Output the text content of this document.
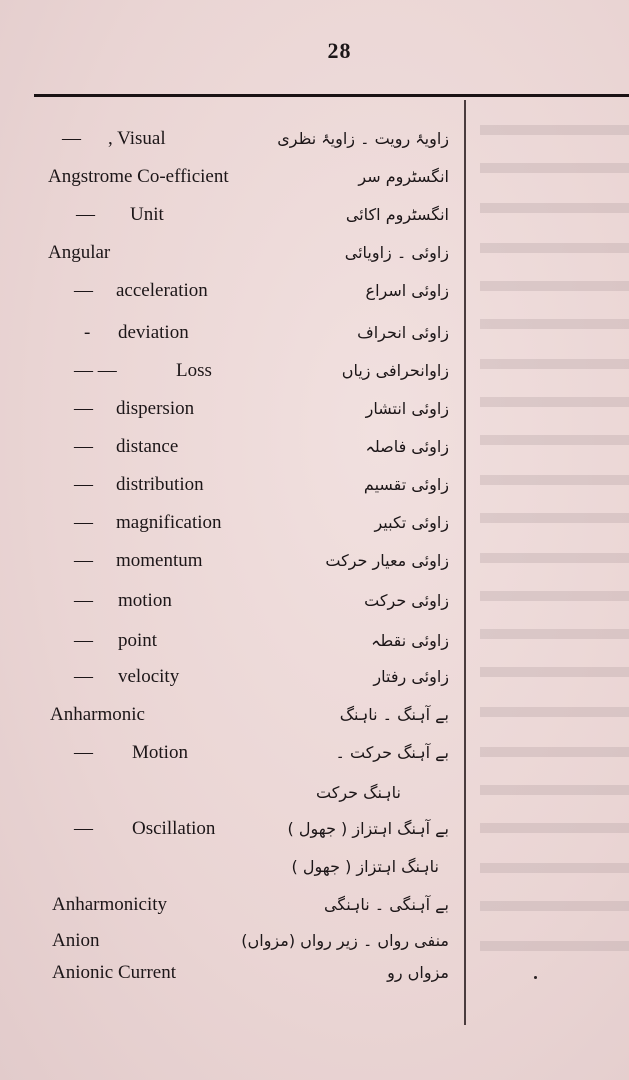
28
— , Visual	زاویۂ رویت ۔ زاویۂ نظری
Angstrome Co-efficient	انگسٹروم سر
— Unit	انگسٹروم اکائی
Angular	زاوئی ۔ زاویائی
— acceleration	زاوئی اسراع
- deviation	زاوئی انحراف
— —	Loss	زاوانحرافی زیاں
— dispersion	زاوئی انتشار
— distance	زاوئی فاصلہ
— distribution	زاوئی تقسیم
— magnification	زاوئی تکبیر
— momentum	زاوئی معیار حرکت
— motion	زاوئی حرکت
— point	زاوئی نقطہ
— velocity	زاوئی رفتار
Anharmonic	بے آہنگ ۔ ناہنگ
— Motion	بے آہنگ حرکت ۔
ناہنگ حرکت
— Oscillation	بے آہنگ اہتزاز ( جھول )
ناہنگ اہتزاز ( جھول )
Anharmonicity	بے آہنگی ۔ ناہنگی
Anion	منفی رواں ۔ زیر رواں (مزواں)
Anionic Current	مزواں رو
